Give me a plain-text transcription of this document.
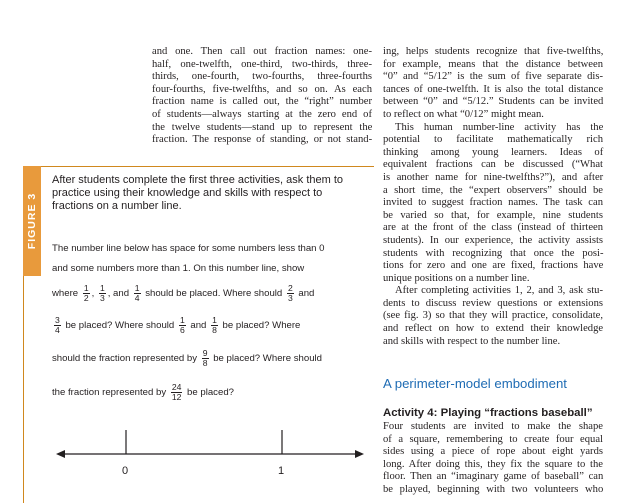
and one. Then call out fraction names: one-
half, one-twelfth, one-third, two-thirds, three-
thirds, one-fourth, two-fourths, three-fourths
four-fourths, five-twelfths, and so on. As each
fraction name is called out, the “right” number
of students—always starting at the zero end of
the twelve students—stand up to represent the
fraction. The response of standing, or not stand-
ing, helps students recognize that five-twelfths,
for example, means that the distance between
“0” and “5/12” is the sum of five separate dis-
tances of one-twelfth. It is also the total distance
between “0” and “5/12.” Students can be invited
to reflect on what “0/12” might mean.
This human number-line activity has the
potential to facilitate mathematically rich
thinking among young learners. Ideas of
equivalent fractions can be discussed (“What
is another name for nine-twelfths?”), and after
a short time, the “expert observers” should be
invited to suggest fraction names. The task can
be varied so that, for example, nine students
are at the front of the class (instead of thirteen
students). In our experience, the activity assists
students with recognizing that once the posi-
tions for zero and one are fixed, fractions have
unique positions on a number line.
After completing activities 1, 2, and 3, ask stu-
dents to discuss review questions or extensions
(see fig. 3) so that they will practice, consolidate,
and reflect on how to extend their knowledge
and skills with respect to the number line.
A perimeter-model embodiment
Activity 4: Playing “fractions baseball”
Four students are invited to make the shape
of a square, remembering to create four equal
sides using a piece of rope about eight yards
long. After doing this, they fix the square to the
floor. Then an “imaginary game of baseball” can
be played, beginning with two volunteers who
FIGURE 3
After students complete the first three activities, ask them to practice using their knowledge and skills with respect to fractions on a number line.
The number line below has space for some numbers less than 0
and some numbers more than 1. On this number line, show
where $\frac{1}{2}$ , $\frac{1}{3}$ , and $\frac{1}{4}$ should be placed. Where should $\frac{2}{3}$ and
$\frac{3}{4}$ be placed? Where should $\frac{1}{6}$ and $\frac{1}{8}$ be placed? Where
should the fraction represented by $\frac{9}{8}$ be placed? Where should
the fraction represented by $\frac{24}{12}$ be placed?
0	1
